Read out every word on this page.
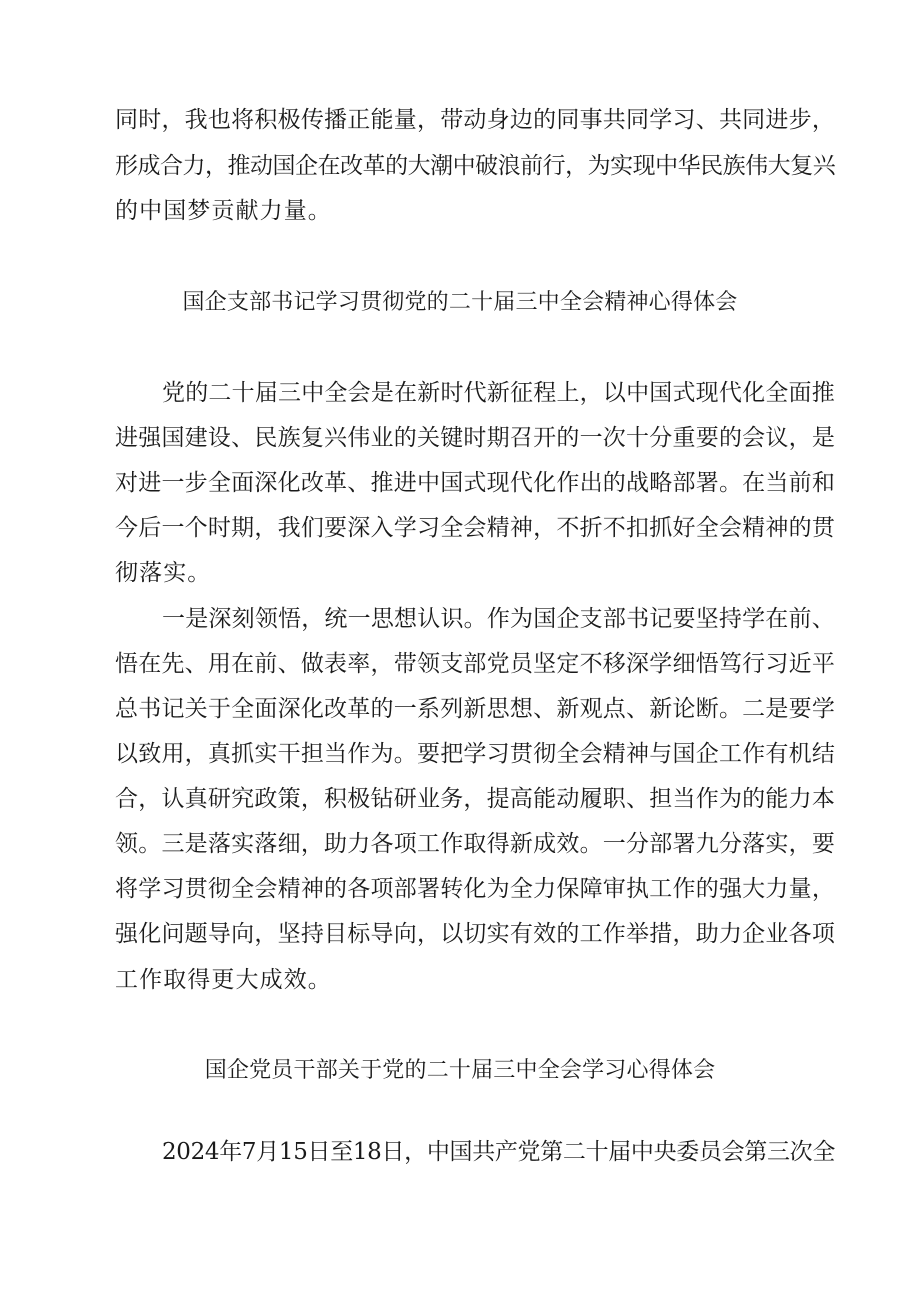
同时，我也将积极传播正能量，带动身边的同事共同学习、共同进步，
形成合力，推动国企在改革的大潮中破浪前行，为实现中华民族伟大复兴
的中国梦贡献力量。
国企支部书记学习贯彻党的二十届三中全会精神心得体会
党的二十届三中全会是在新时代新征程上，以中国式现代化全面推
进强国建设、民族复兴伟业的关键时期召开的一次十分重要的会议，是
对进一步全面深化改革、推进中国式现代化作出的战略部署。在当前和
今后一个时期，我们要深入学习全会精神，不折不扣抓好全会精神的贯
彻落实。
一是深刻领悟，统一思想认识。作为国企支部书记要坚持学在前、
悟在先、用在前、做表率，带领支部党员坚定不移深学细悟笃行习近平
总书记关于全面深化改革的一系列新思想、新观点、新论断。二是要学
以致用，真抓实干担当作为。要把学习贯彻全会精神与国企工作有机结
合，认真研究政策，积极钻研业务，提高能动履职、担当作为的能力本
领。三是落实落细，助力各项工作取得新成效。一分部署九分落实，要
将学习贯彻全会精神的各项部署转化为全力保障审执工作的强大力量，
强化问题导向，坚持目标导向，以切实有效的工作举措，助力企业各项
工作取得更大成效。
国企党员干部关于党的二十届三中全会学习心得体会
2024年7月15日至18日，中国共产党第二十届中央委员会第三次全
